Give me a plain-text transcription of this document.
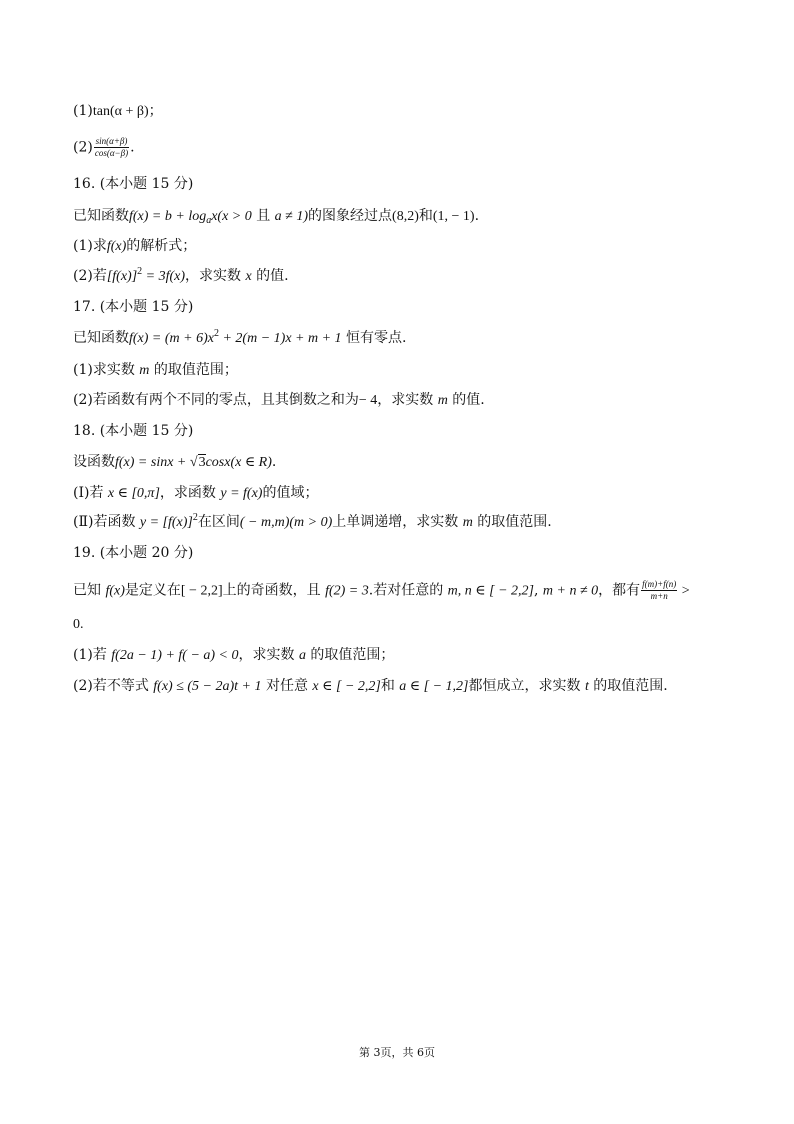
(1)tan(α + β)；
$(2) \frac{\sin(\alpha+\beta)}{\cos(\alpha-\beta)}$ .
16. (本小题 15 分)
已知函数$f(x) = b + \log_ax(x > 0$ 且 a ≠ 1)的图象经过点(8,2)和(1, − 1).
(1)求f(x)的解析式；
(2)若$[f(x)]^2 = 3f(x)$，求实数 x 的值.
17. (本小题 15 分)
已知函数$f(x) = (m + 6)x^2 + 2(m - 1)x + m + 1$ 恒有零点.
(1)求实数 m 的取值范围；
(2)若函数有两个不同的零点，且其倒数之和为− 4，求实数 m 的值.
18. (本小题 15 分)
设函数f(x) = sinx + √3cosx(x ∈ R).
(Ⅰ)若 x ∈ [0,π]，求函数 y = f(x)的值域；
(Ⅱ)若函数 $y = [f(x)]^2$在区间( − m,m)(m > 0)上单调递增，求实数 m 的取值范围.
19. (本小题 20 分)
已知 f(x)是定义在[ − 2,2]上的奇函数，且 f(2) = 3.若对任意的 m, n ∈ [ − 2,2], m + n ≠ 0，都有 $\frac{f(m)+f(n)}{m+n}$ >
0.
(1)若 f(2a − 1) + f( − a) < 0，求实数 a 的取值范围；
(2)若不等式 f(x) ≤ (5 − 2a)t + 1 对任意 x ∈ [ − 2,2]和 a ∈ [ − 1,2]都恒成立，求实数 t 的取值范围.
第 3页，共 6页
